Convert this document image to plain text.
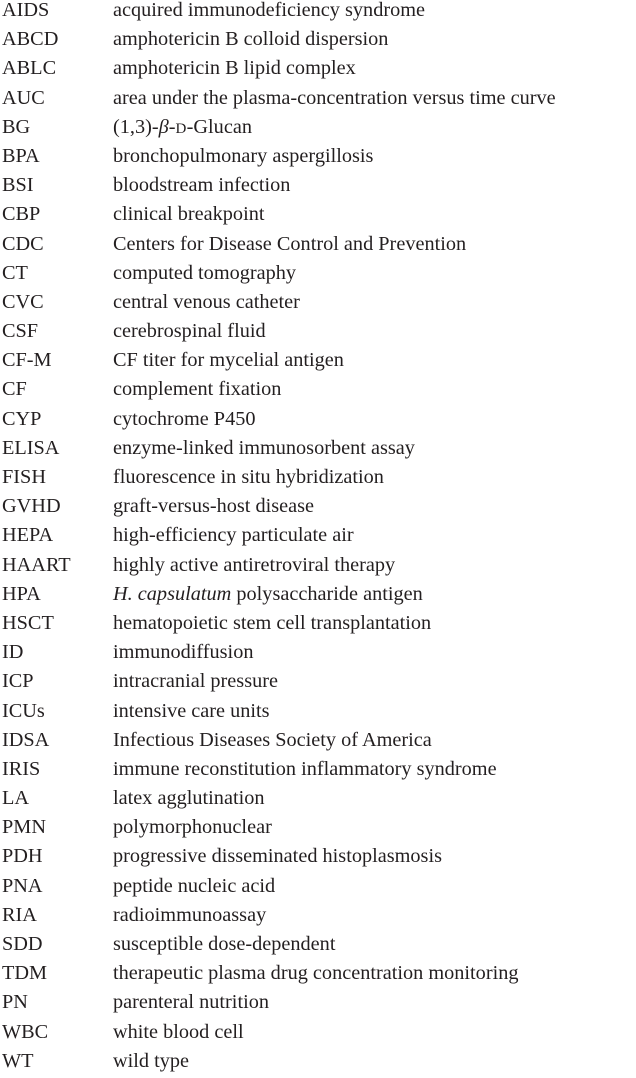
AIDS	acquired immunodeficiency syndrome
ABCD	amphotericin B colloid dispersion
ABLC	amphotericin B lipid complex
AUC	area under the plasma-concentration versus time curve
BG	(1,3)-β-D-Glucan
BPA	bronchopulmonary aspergillosis
BSI	bloodstream infection
CBP	clinical breakpoint
CDC	Centers for Disease Control and Prevention
CT	computed tomography
CVC	central venous catheter
CSF	cerebrospinal fluid
CF-M	CF titer for mycelial antigen
CF	complement fixation
CYP	cytochrome P450
ELISA	enzyme-linked immunosorbent assay
FISH	fluorescence in situ hybridization
GVHD	graft-versus-host disease
HEPA	high-efficiency particulate air
HAART highly active antiretroviral therapy
HPA	H. capsulatum polysaccharide antigen
HSCT	hematopoietic stem cell transplantation
ID	immunodiffusion
ICP	intracranial pressure
ICUs	intensive care units
IDSA	Infectious Diseases Society of America
IRIS	immune reconstitution inflammatory syndrome
LA	latex agglutination
PMN	polymorphonuclear
PDH	progressive disseminated histoplasmosis
PNA	peptide nucleic acid
RIA	radioimmunoassay
SDD	susceptible dose-dependent
TDM	therapeutic plasma drug concentration monitoring
PN	parenteral nutrition
WBC	white blood cell
WT	wild type
